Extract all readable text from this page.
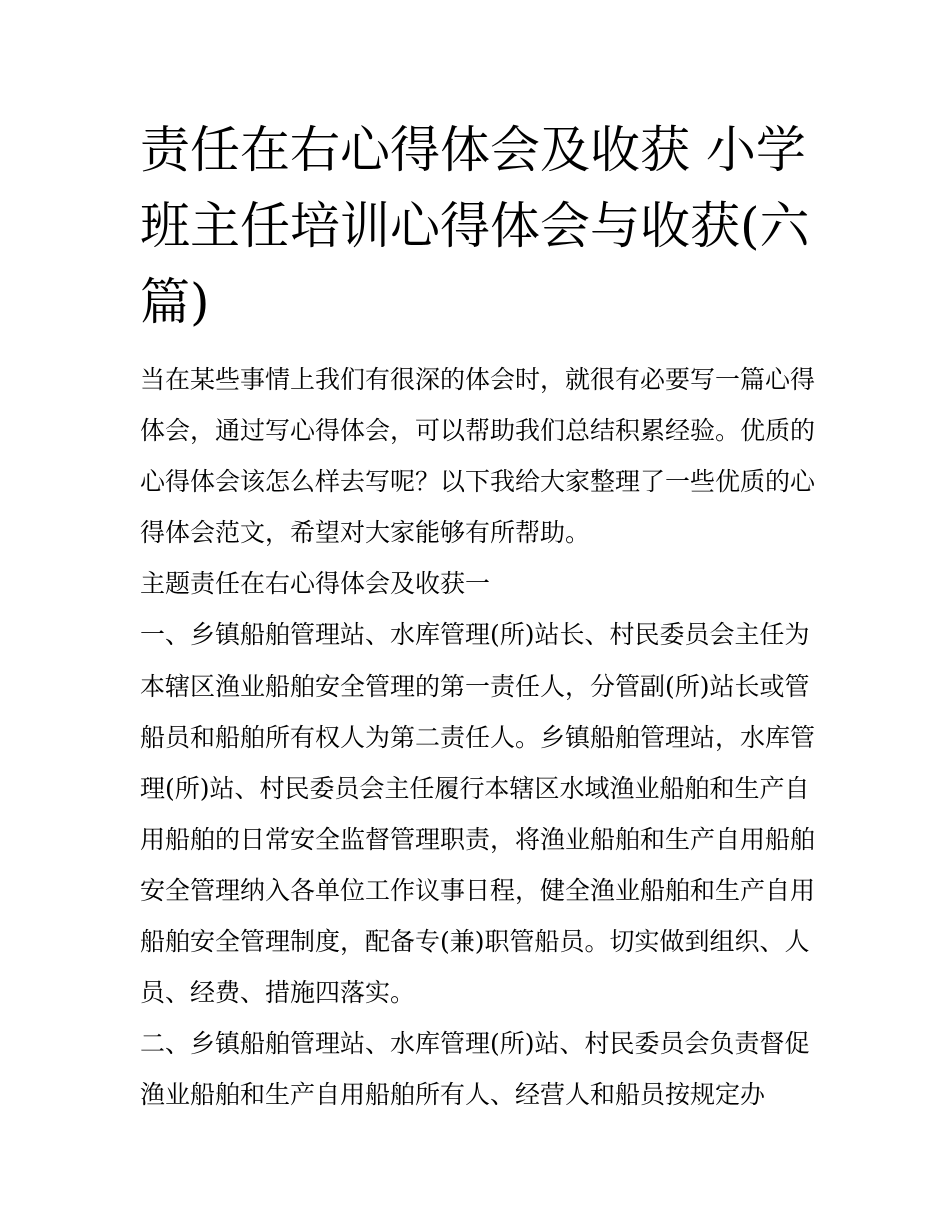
责任在右心得体会及收获 小学
班主任培训心得体会与收获(六
篇)
当在某些事情上我们有很深的体会时，就很有必要写一篇心得
体会，通过写心得体会，可以帮助我们总结积累经验。优质的
心得体会该怎么样去写呢？以下我给大家整理了一些优质的心
得体会范文，希望对大家能够有所帮助。
主题责任在右心得体会及收获一
一、乡镇船舶管理站、水库管理(所)站长、村民委员会主任为
本辖区渔业船舶安全管理的第一责任人，分管副(所)站长或管
船员和船舶所有权人为第二责任人。乡镇船舶管理站，水库管
理(所)站、村民委员会主任履行本辖区水域渔业船舶和生产自
用船舶的日常安全监督管理职责，将渔业船舶和生产自用船舶
安全管理纳入各单位工作议事日程，健全渔业船舶和生产自用
船舶安全管理制度，配备专(兼)职管船员。切实做到组织、人
员、经费、措施四落实。
二、乡镇船舶管理站、水库管理(所)站、村民委员会负责督促
渔业船舶和生产自用船舶所有人、经营人和船员按规定办
